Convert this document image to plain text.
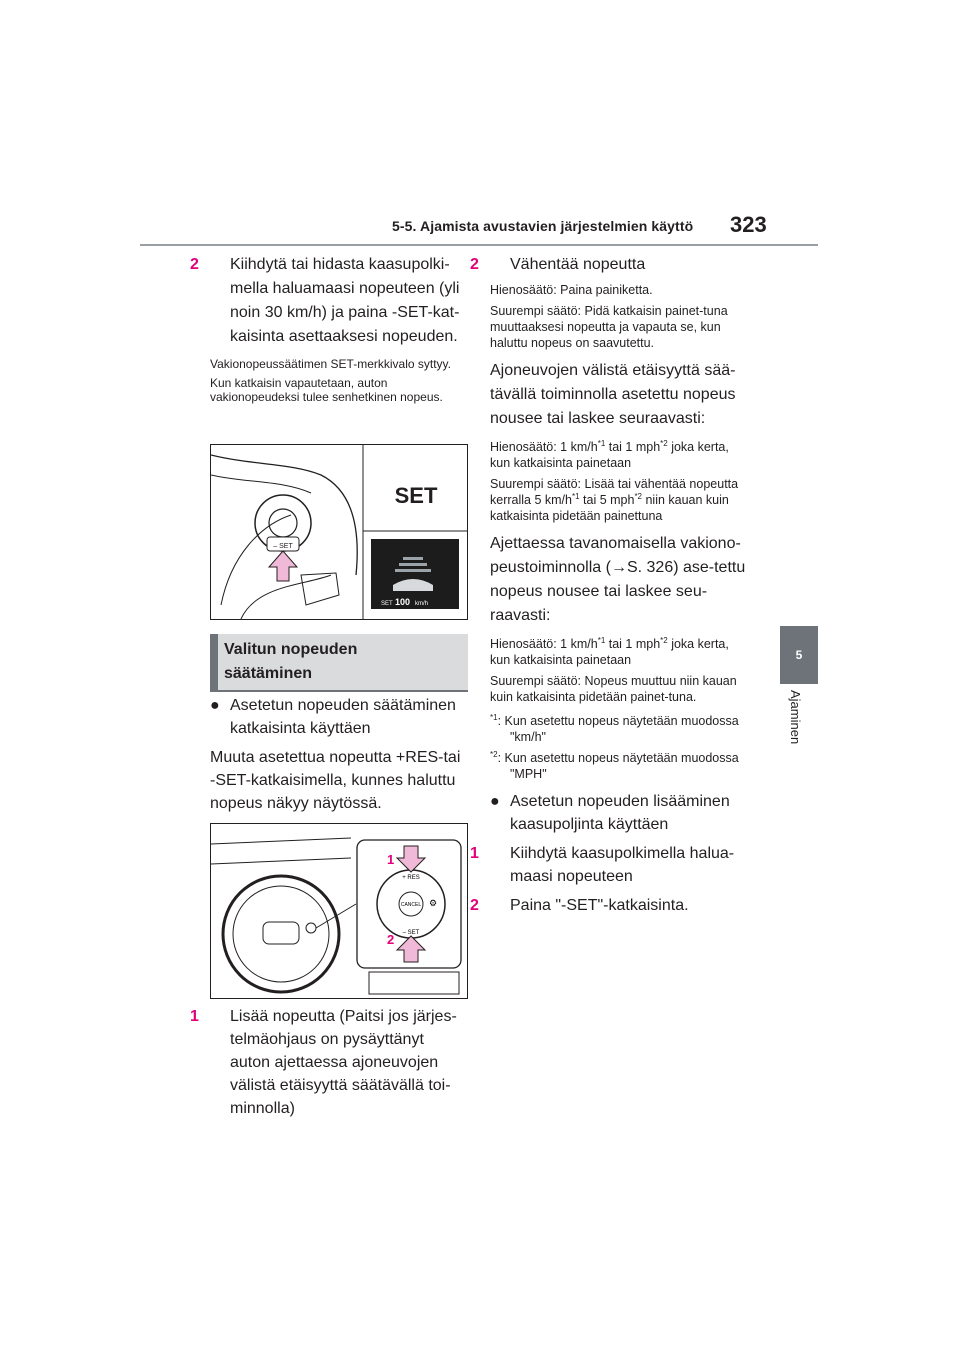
5-5. Ajamista avustavien järjestelmien käyttö 323
5
Ajaminen
2 Kiihdytä tai hidasta kaasupolki-mella haluamaasi nopeuteen (yli noin 30 km/h) ja paina -SET-kat-kaisinta asettaaksesi nopeuden.
Vakionopeussäätimen SET-merkkivalo syttyy.
Kun katkaisin vapautetaan, auton vakionopeudeksi tulee senhetkinen nopeus.
– SET
SET
SET 100 km/h
Valitun nopeuden
säätäminen
● Asetetun nopeuden säätäminen katkaisinta käyttäen
Muuta asetettua nopeutta +RES-tai -SET-katkaisimella, kunnes haluttu nopeus näkyy näytössä.
CANCEL
+ RES
– SET
⚙
1
2
1 Lisää nopeutta (Paitsi jos järjes-telmäohjaus on pysäyttänyt auton ajettaessa ajoneuvojen välistä etäisyyttä säätävällä toi-minnolla)
2 Vähentää nopeutta
Hienosäätö: Paina painiketta.
Suurempi säätö: Pidä katkaisin painet-tuna muuttaaksesi nopeutta ja vapauta se, kun haluttu nopeus on saavutettu.
Ajoneuvojen välistä etäisyyttä sää-tävällä toiminnolla asetettu nopeus nousee tai laskee seuraavasti:
Hienosäätö: 1 $km/h^{*1}$ tai 1 mph$^{*2}$ joka kerta, kun katkaisinta painetaan
Suurempi säätö: Lisää tai vähentää nopeutta kerralla 5 $km/h^{*1}$ tai 5 mph$^{*2}$ niin kauan kuin katkaisinta pidetään painettuna
Ajettaessa tavanomaisella vakiono-peustoiminnolla (→S. 326) ase-tettu nopeus nousee tai laskee seu-raavasti:
Hienosäätö: 1 $km/h^{*1}$ tai 1 mph$^{*2}$ joka kerta, kun katkaisinta painetaan
Suurempi säätö: Nopeus muuttuu niin kauan kuin katkaisinta pidetään painet-tuna.
$^{*1}$: Kun asetettu nopeus näytetään muodossa "km/h"
$^{*2}$: Kun asetettu nopeus näytetään muodossa "MPH"
● Asetetun nopeuden lisääminen kaasupoljinta käyttäen
1 Kiihdytä kaasupolkimella halua-maasi nopeuteen
2 Paina "-SET"-katkaisinta.
